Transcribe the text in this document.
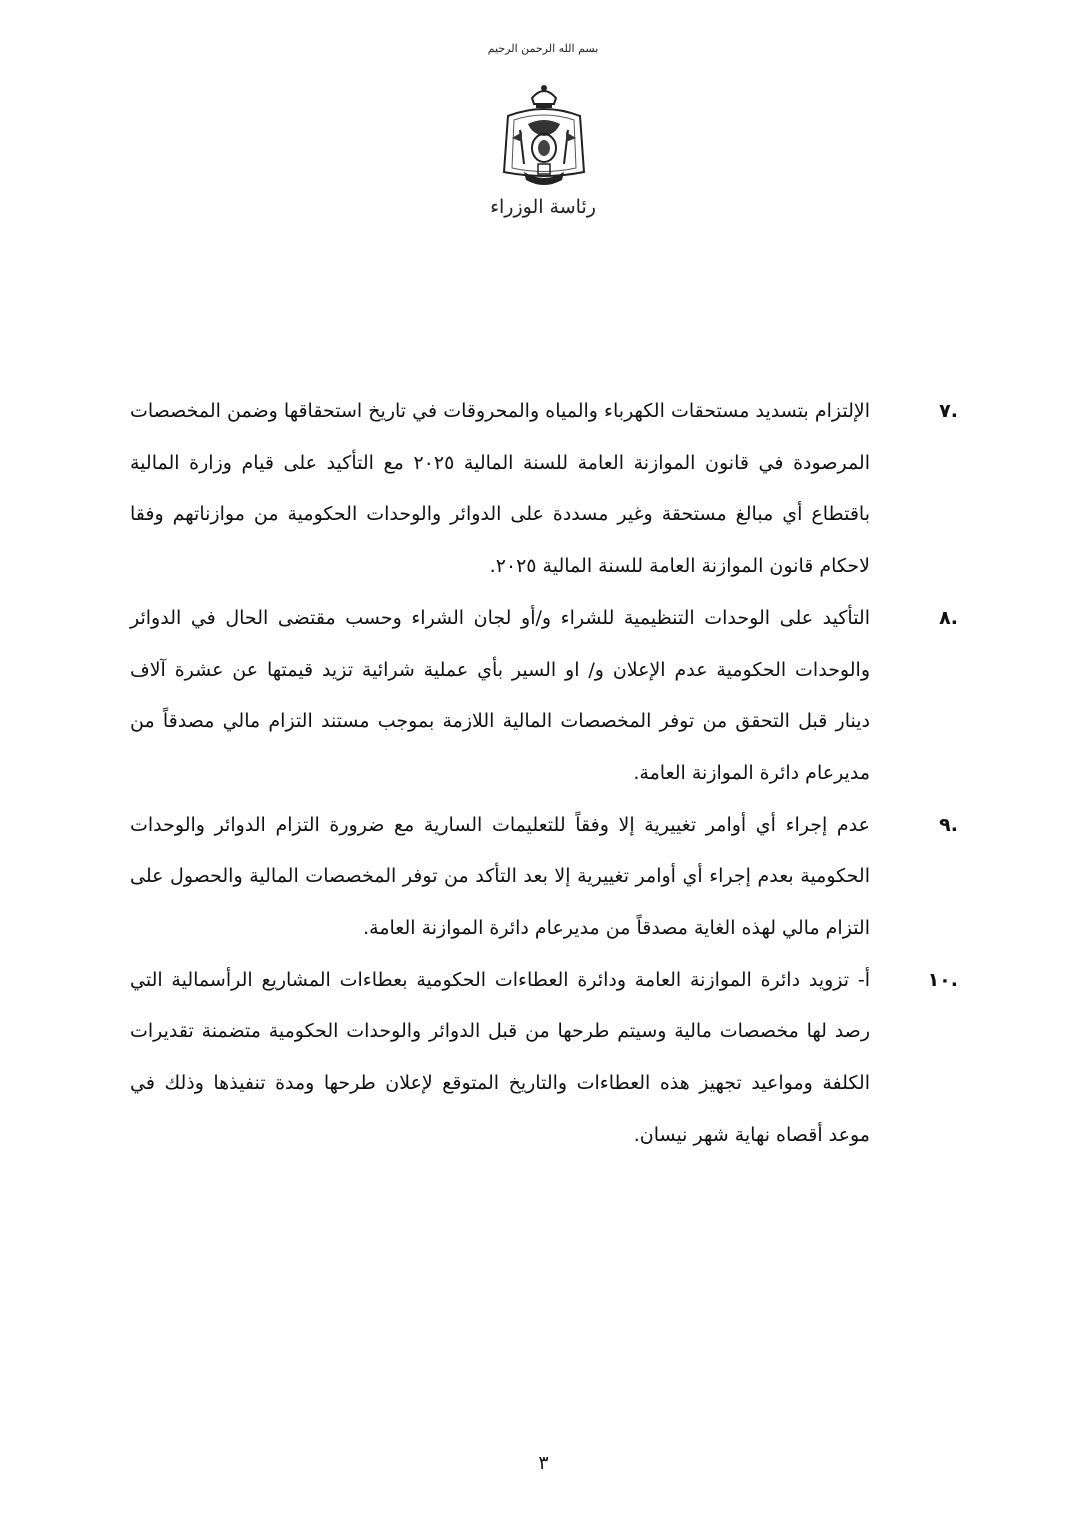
بسم الله الرحمن الرحيم
رئاسة الوزراء
.٧
الإلتزام بتسديد مستحقات الكهرباء والمياه والمحروقات في تاريخ استحقاقها وضمن المخصصات المرصودة في قانون الموازنة العامة للسنة المالية ٢٠٢٥ مع التأكيد على قيام وزارة المالية باقتطاع أي مبالغ مستحقة وغير مسددة على الدوائر والوحدات الحكومية من موازناتهم وفقا لاحكام قانون الموازنة العامة للسنة المالية ٢٠٢٥.
.٨
التأكيد على الوحدات التنظيمية للشراء و/أو لجان الشراء وحسب مقتضى الحال في الدوائر والوحدات الحكومية عدم الإعلان و/ او السير بأي عملية شرائية تزيد قيمتها عن عشرة آلاف دينار قبل التحقق من توفر المخصصات المالية اللازمة بموجب مستند التزام مالي مصدقاً من مديرعام دائرة الموازنة العامة.
.٩
عدم إجراء أي أوامر تغييرية إلا وفقاً للتعليمات السارية مع ضرورة التزام الدوائر والوحدات الحكومية بعدم إجراء أي أوامر تغييرية إلا بعد التأكد من توفر المخصصات المالية والحصول على التزام مالي لهذه الغاية مصدقاً من مديرعام دائرة الموازنة العامة.
.١٠
أ- تزويد دائرة الموازنة العامة ودائرة العطاءات الحكومية بعطاءات المشاريع الرأسمالية التي رصد لها مخصصات مالية وسيتم طرحها من قبل الدوائر والوحدات الحكومية متضمنة تقديرات الكلفة ومواعيد تجهيز هذه العطاءات والتاريخ المتوقع لإعلان طرحها ومدة تنفيذها وذلك في موعد أقصاه نهاية شهر نيسان.
٣
